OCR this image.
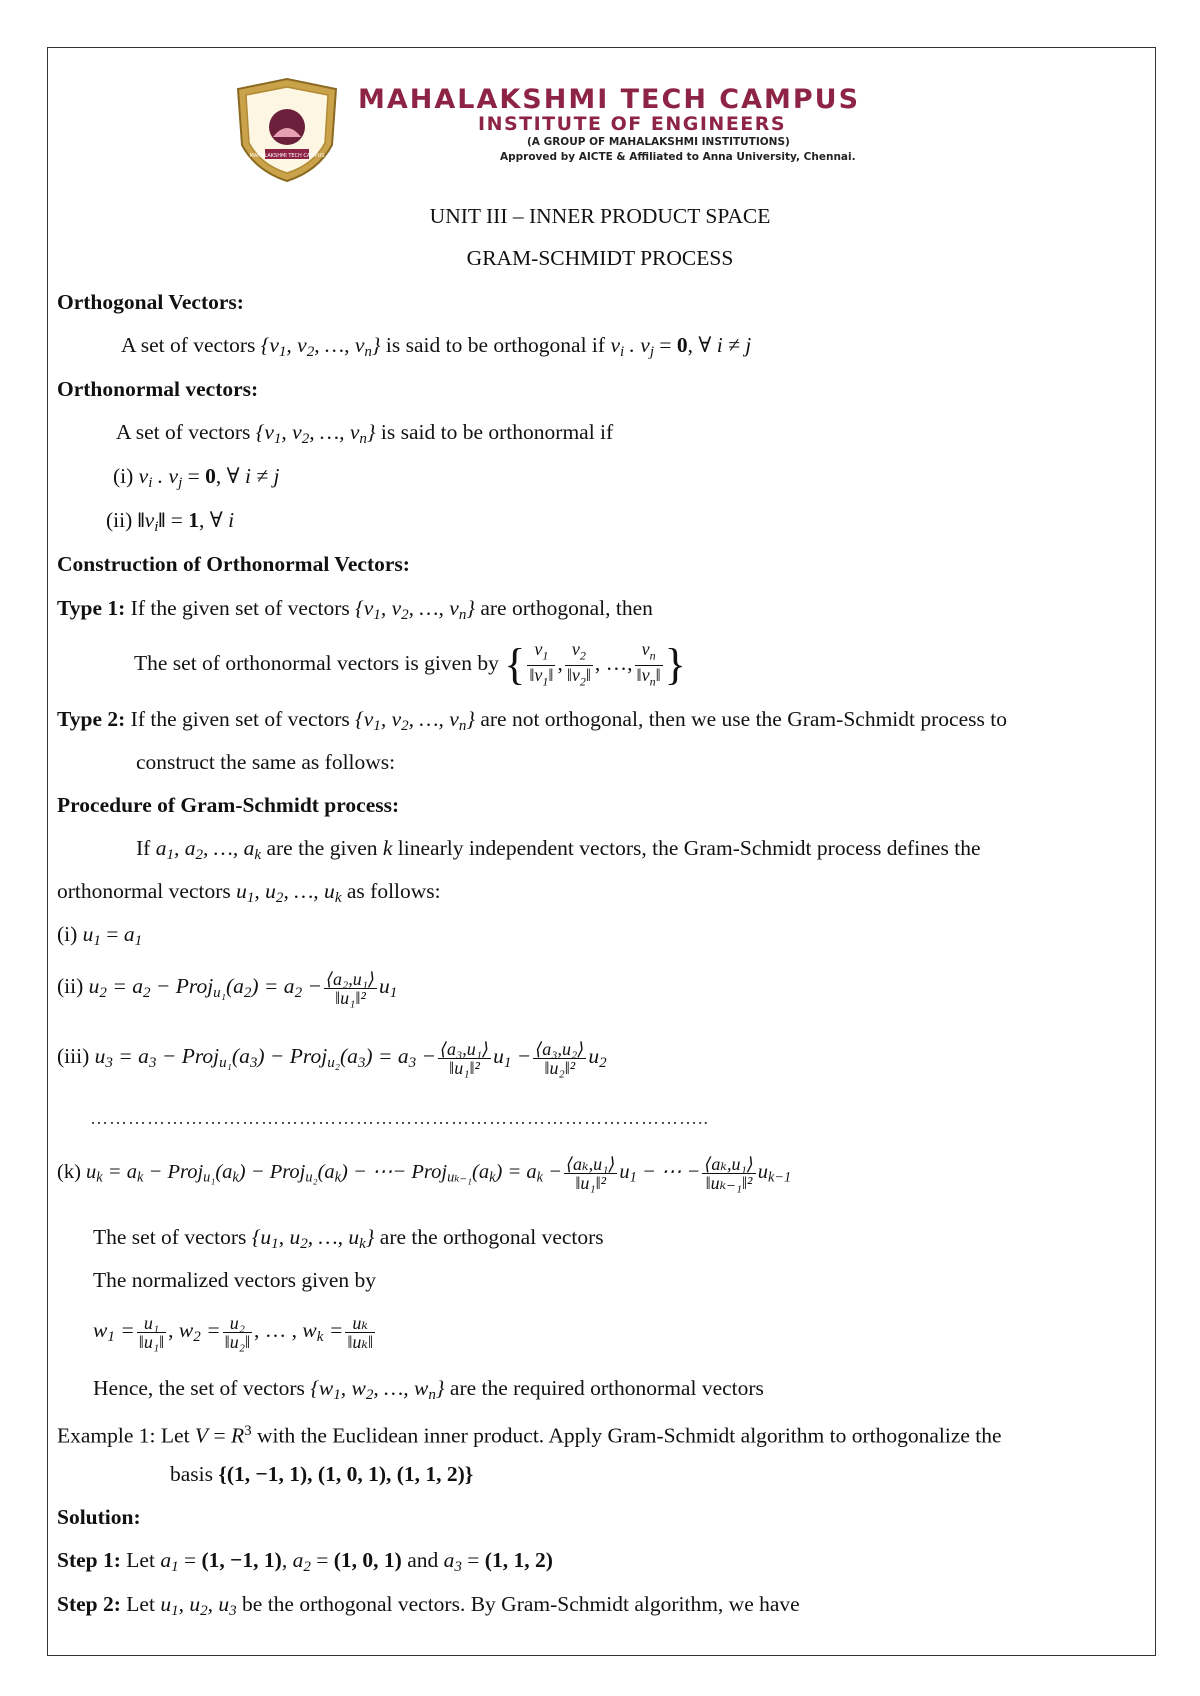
MAHALAKSHMI TECH CAMPUS
MAHALAKSHMI TECH CAMPUS
INSTITUTE OF ENGINEERS
(A GROUP OF MAHALAKSHMI INSTITUTIONS)
Approved by AICTE & Affiliated to Anna University, Chennai.
UNIT III – INNER PRODUCT SPACE
GRAM-SCHMIDT PROCESS
Orthogonal Vectors:
A set of vectors {$v_1$, $v_2$, …, $v_n$} is said to be orthogonal if $v_i$ . $v_j = 0$, ∀ i ≠ j
Orthonormal vectors:
A set of vectors {$v_1$, $v_2$, …, $v_n$} is said to be orthonormal if
(i) $v_i$ . $v_j = 0$, ∀ i ≠ j
(ii) $‖v_i‖ = 1$, ∀ i
Construction of Orthonormal Vectors:
Type 1: If the given set of vectors {$v_1$, $v_2$, …, $v_n$} are orthogonal, then
The set of orthonormal vectors is given by { $\frac{v_1}{‖v_1‖}$ , $\frac{v_2}{‖v_2‖}$ , …, $\frac{v_n}{‖v_n‖}$ }
Type 2: If the given set of vectors {$v_1$, $v_2$, …, $v_n$} are not orthogonal, then we use the Gram-Schmidt process to
construct the same as follows:
Procedure of Gram-Schmidt process:
If $a_1$, $a_2$, …, $a_k$ are the given k linearly independent vectors, the Gram-Schmidt process defines the
orthonormal vectors $u_1$, $u_2$, …, $u_k$ as follows:
(i) $u_1 = a_1$
(ii) $u_2 = a_2$ − $Proj_{u_1}(a_2) = a_2 - \frac{\text{⟨a₂,u₁⟩}}{\text{‖u₁‖²}} u_1$
(iii) $u_3 = a_3$ − $Proj_{u_1}(a_3)$ − $Proj_{u_2}(a_3) = a_3 - \frac{\text{⟨a₃,u₁⟩}}{\text{‖u₁‖²}} u_1 - \frac{\text{⟨a₃,u₂⟩}}{\text{‖u₂‖²}} u_2$
……………………………………………………………………………………..
(k) $u_k = a_k$ − $Proj_{u_1}(a_k)$ − $Proj_{u_2}(a_k)$ − ⋯− $Proj_{u_{k-1}}(a_k) = a_k - \frac{\text{⟨aₖ,u₁⟩}}{\text{‖u₁‖²}} u_1$ − ⋯ − $\frac{\text{⟨aₖ,u₁⟩}}{\text{‖uₖ₋₁‖²}} u_{k-1}$
The set of vectors {$u_1$, $u_2$, …, $u_k$} are the orthogonal vectors
The normalized vectors given by
$w_1 = \frac{\text{u₁}}{\text{‖u₁‖}}$ , $w_2 = \frac{\text{u₂}}{\text{‖u₂‖}}$ , … , $w_k = \frac{\text{uₖ}}{\text{‖uₖ‖}}$
Hence, the set of vectors {$w_1$, $w_2$, …, $w_n$} are the required orthonormal vectors
Example 1: Let $V = R^3$ with the Euclidean inner product. Apply Gram-Schmidt algorithm to orthogonalize the
basis {(1, −1, 1), (1, 0, 1), (1, 1, 2)}
Solution:
Step 1: Let $a_1 = (1$, −1, 1), $a_2 = (1$, 0, 1) and $a_3 = (1$, 1, 2)
Step 2: Let $u_1$, $u_2$, $u_3$ be the orthogonal vectors. By Gram-Schmidt algorithm, we have
